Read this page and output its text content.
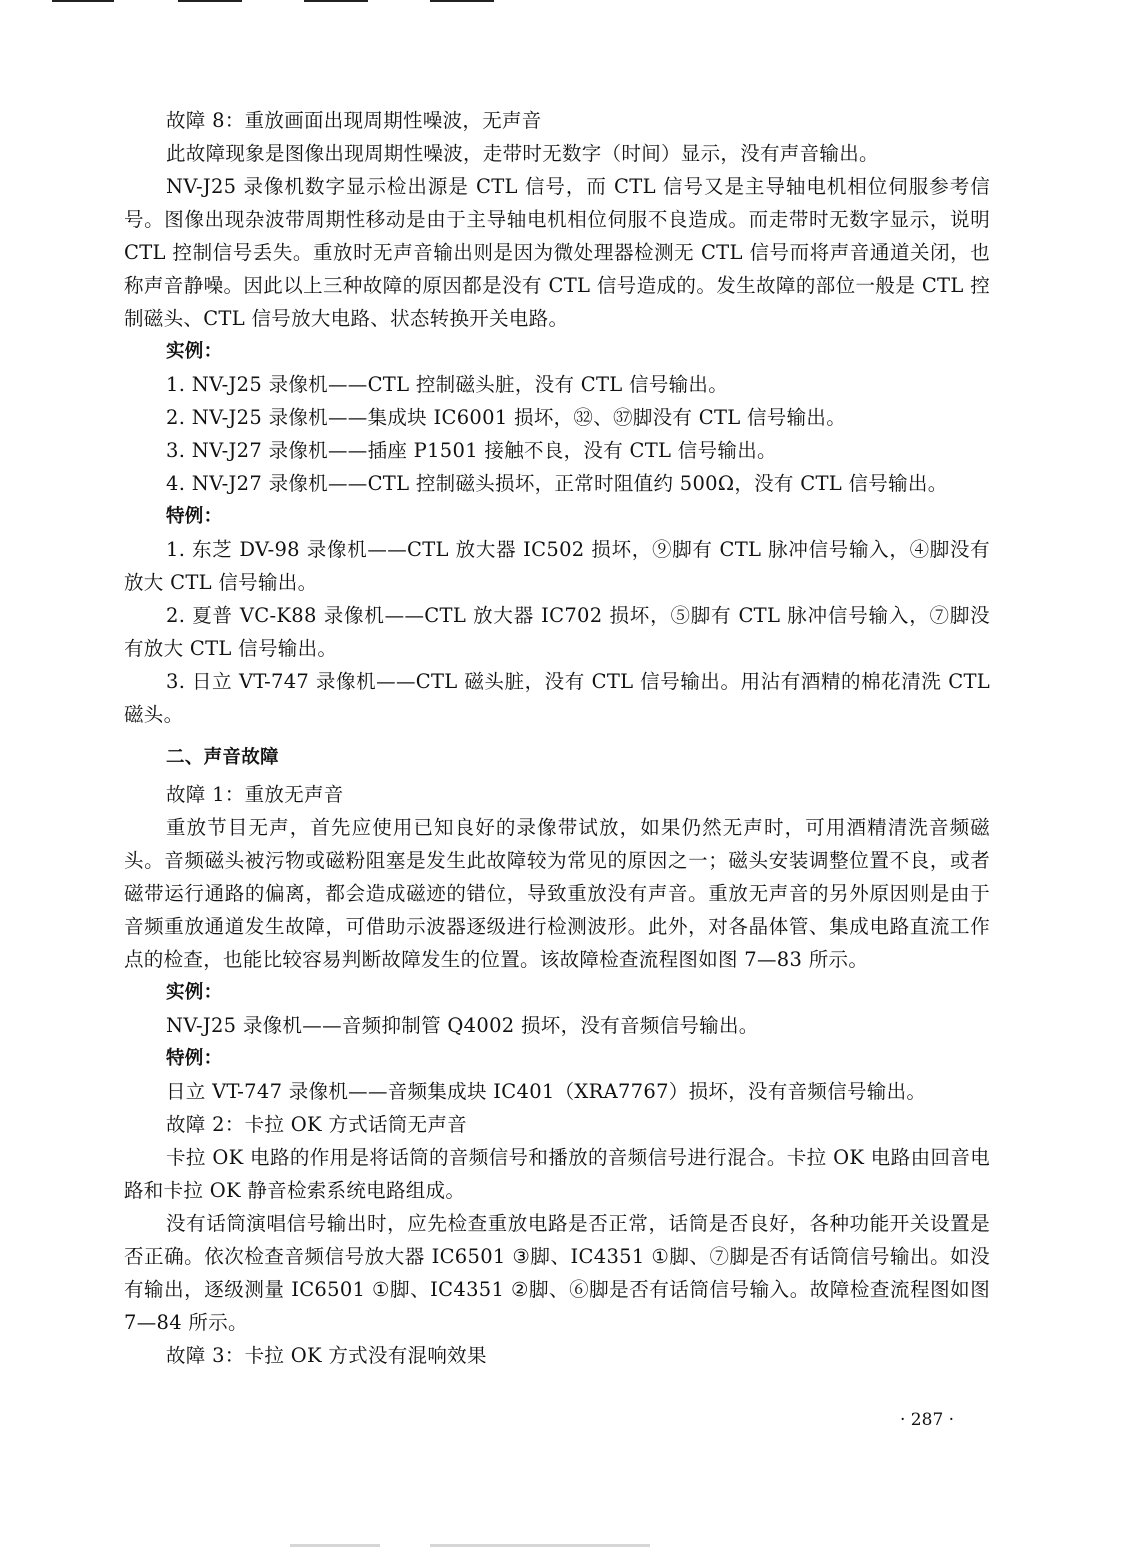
故障 8：重放画面出现周期性噪波，无声音

此故障现象是图像出现周期性噪波，走带时无数字（时间）显示，没有声音输出。

NV-J25 录像机数字显示检出源是 CTL 信号，而 CTL 信号又是主导轴电机相位伺服参考信号。图像出现杂波带周期性移动是由于主导轴电机相位伺服不良造成。而走带时无数字显示，说明 CTL 控制信号丢失。重放时无声音输出则是因为微处理器检测无 CTL 信号而将声音通道关闭，也称声音静噪。因此以上三种故障的原因都是没有 CTL 信号造成的。发生故障的部位一般是 CTL 控制磁头、CTL 信号放大电路、状态转换开关电路。

实例：

1. NV-J25 录像机——CTL 控制磁头脏，没有 CTL 信号输出。

2. NV-J25 录像机——集成块 IC6001 损坏，㉜、㊲脚没有 CTL 信号输出。

3. NV-J27 录像机——插座 P1501 接触不良，没有 CTL 信号输出。

4. NV-J27 录像机——CTL 控制磁头损坏，正常时阻值约 500Ω，没有 CTL 信号输出。

特例：

1. 东芝 DV-98 录像机——CTL 放大器 IC502 损坏，⑨脚有 CTL 脉冲信号输入，④脚没有放大 CTL 信号输出。

2. 夏普 VC-K88 录像机——CTL 放大器 IC702 损坏，⑤脚有 CTL 脉冲信号输入，⑦脚没有放大 CTL 信号输出。

3. 日立 VT-747 录像机——CTL 磁头脏，没有 CTL 信号输出。用沾有酒精的棉花清洗 CTL 磁头。

二、声音故障

故障 1：重放无声音

重放节目无声，首先应使用已知良好的录像带试放，如果仍然无声时，可用酒精清洗音频磁头。音频磁头被污物或磁粉阻塞是发生此故障较为常见的原因之一；磁头安装调整位置不良，或者磁带运行通路的偏离，都会造成磁迹的错位，导致重放没有声音。重放无声音的另外原因则是由于音频重放通道发生故障，可借助示波器逐级进行检测波形。此外，对各晶体管、集成电路直流工作点的检查，也能比较容易判断故障发生的位置。该故障检查流程图如图 7—83 所示。

实例：

NV-J25 录像机——音频抑制管 Q4002 损坏，没有音频信号输出。

特例：

日立 VT-747 录像机——音频集成块 IC401（XRA7767）损坏，没有音频信号输出。

故障 2：卡拉 OK 方式话筒无声音

卡拉 OK 电路的作用是将话筒的音频信号和播放的音频信号进行混合。卡拉 OK 电路由回音电路和卡拉 OK 静音检索系统电路组成。

没有话筒演唱信号输出时，应先检查重放电路是否正常，话筒是否良好，各种功能开关设置是否正确。依次检查音频信号放大器 IC6501 ③脚、IC4351 ①脚、⑦脚是否有话筒信号输出。如没有输出，逐级测量 IC6501 ①脚、IC4351 ②脚、⑥脚是否有话筒信号输入。故障检查流程图如图 7—84 所示。

故障 3：卡拉 OK 方式没有混响效果

· 287 ·
